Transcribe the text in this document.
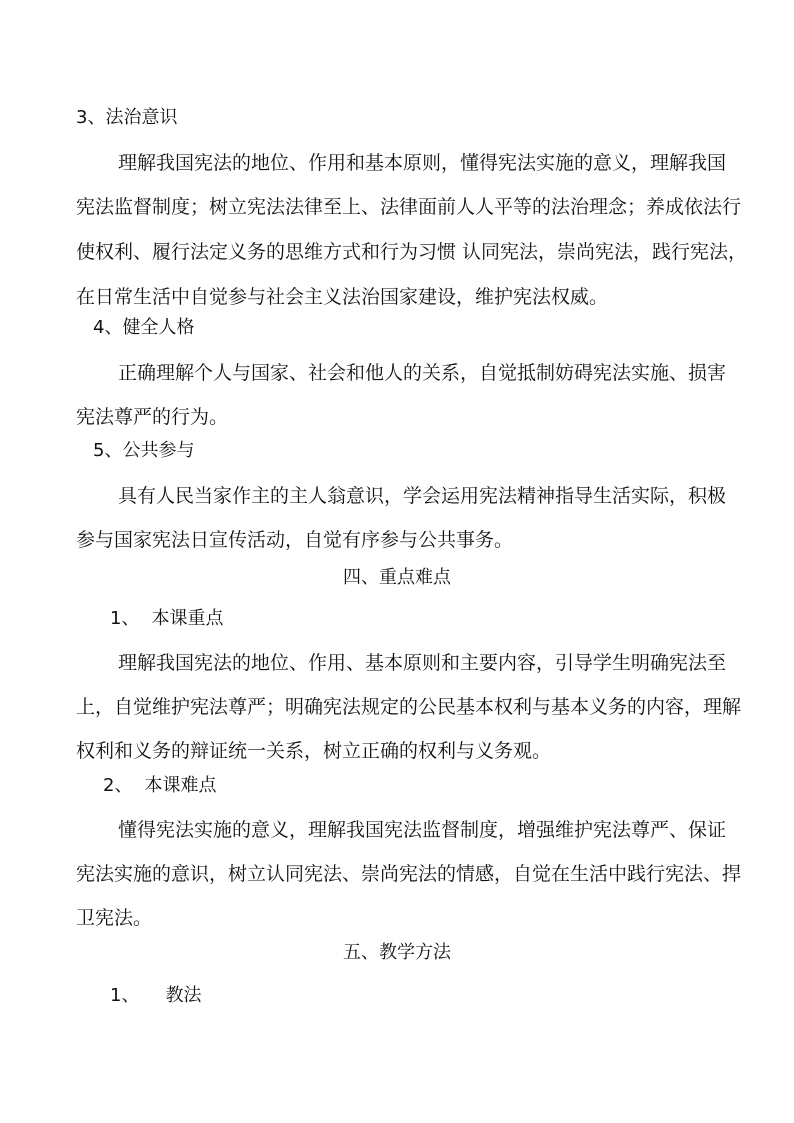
3、法治意识
理解我国宪法的地位、作用和基本原则，懂得宪法实施的意义，理解我国
宪法监督制度；树立宪法法律至上、法律面前人人平等的法治理念；养成依法行
使权利、履行法定义务的思维方式和行为习惯 认同宪法，崇尚宪法，践行宪法，
在日常生活中自觉参与社会主义法治国家建设，维护宪法权威。
4、健全人格
正确理解个人与国家、社会和他人的关系，自觉抵制妨碍宪法实施、损害
宪法尊严的行为。
5、公共参与
具有人民当家作主的主人翁意识，学会运用宪法精神指导生活实际，积极
参与国家宪法日宣传活动，自觉有序参与公共事务。
四、重点难点
1、 本课重点
理解我国宪法的地位、作用、基本原则和主要内容，引导学生明确宪法至
上，自觉维护宪法尊严；明确宪法规定的公民基本权利与基本义务的内容，理解
权利和义务的辩证统一关系，树立正确的权利与义务观。
2、 本课难点
懂得宪法实施的意义，理解我国宪法监督制度，增强维护宪法尊严、保证
宪法实施的意识，树立认同宪法、崇尚宪法的情感，自觉在生活中践行宪法、捍
卫宪法。
五、教学方法
1、 教法
